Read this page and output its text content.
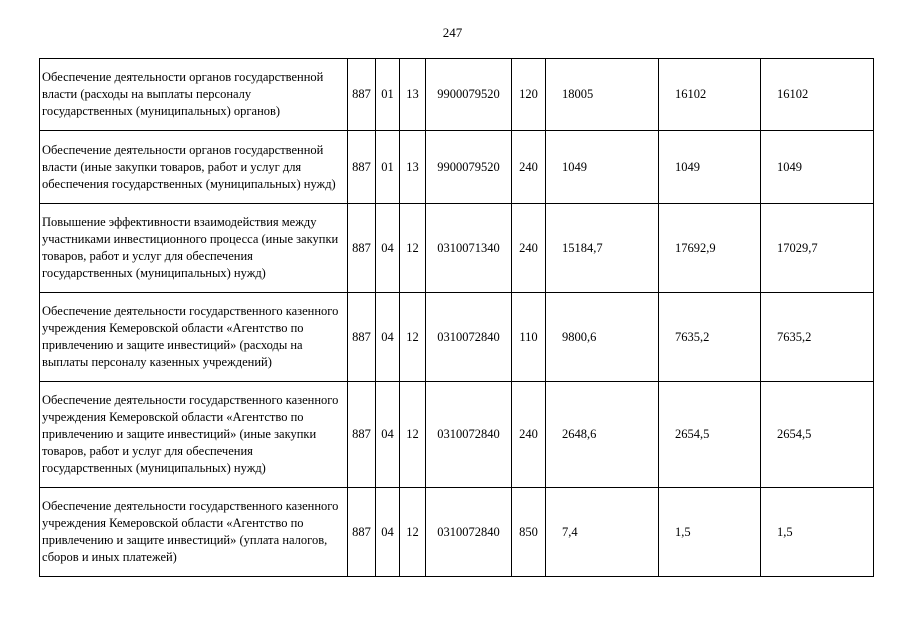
247
Обеспечение деятельности органов государственной власти (расходы на выплаты персоналу государственных (муниципальных) органов)	887	01	13	9900079520	120	18005	16102	16102
Обеспечение деятельности органов государственной власти (иные закупки товаров, работ и услуг для обеспечения государственных (муниципальных) нужд)	887	01	13	9900079520	240	1049	1049	1049
Повышение эффективности взаимодействия между участниками инвестиционного процесса (иные закупки товаров, работ и услуг для обеспечения государственных (муниципальных) нужд)	887	04	12	0310071340	240	15184,7	17692,9	17029,7
Обеспечение деятельности государственного казенного учреждения Кемеровской области «Агентство по привлечению и защите инвестиций» (расходы на выплаты персоналу казенных учреждений)	887	04	12	0310072840	110	9800,6	7635,2	7635,2
Обеспечение деятельности государственного казенного учреждения Кемеровской области «Агентство по привлечению и защите инвестиций» (иные закупки товаров, работ и услуг для обеспечения государственных (муниципальных) нужд)	887	04	12	0310072840	240	2648,6	2654,5	2654,5
Обеспечение деятельности государственного казенного учреждения Кемеровской области «Агентство по привлечению и защите инвестиций» (уплата налогов, сборов и иных платежей)	887	04	12	0310072840	850	7,4	1,5	1,5
